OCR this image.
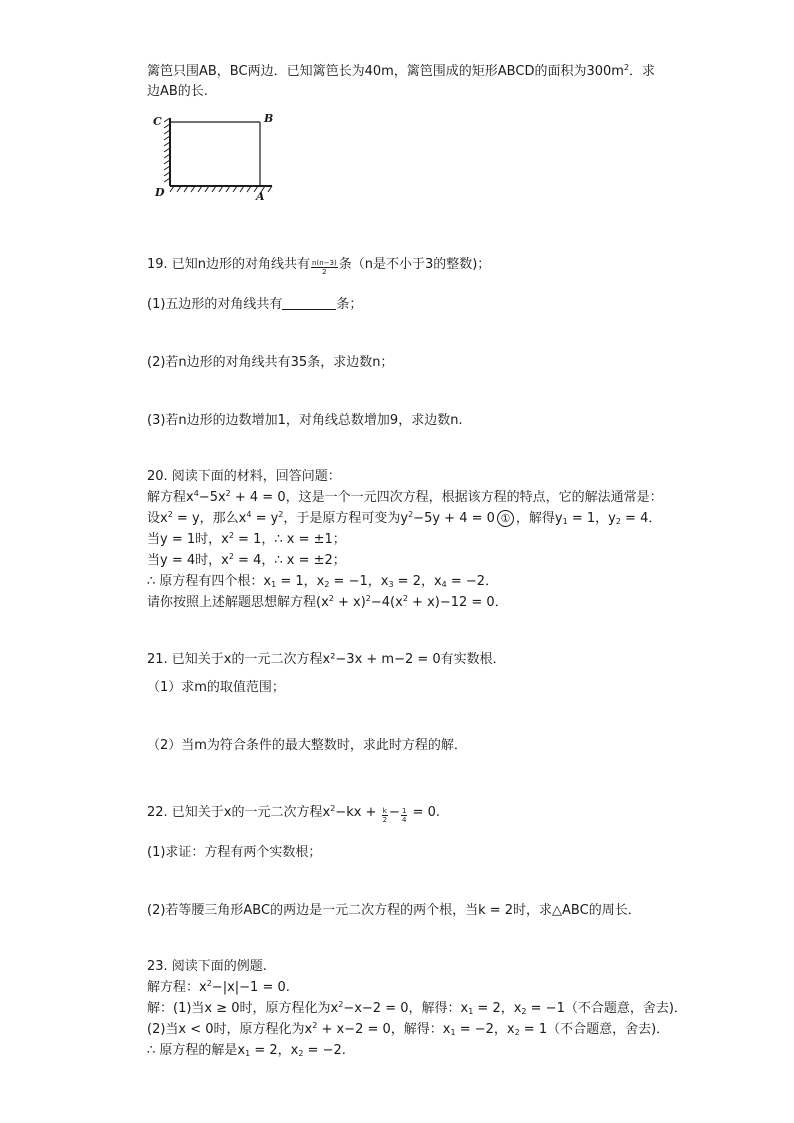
篱笆只围AB，BC两边．已知篱笆长为40m，篱笆围成的矩形ABCD的面积为$300m^2$．求
边AB的长.
C	B
D	A
19. 已知n边形的对角线共有 $\frac{n(n-3)}{2}$ 条（n是不小于3的整数)；
(1)五边形的对角线共有	条；
(2)若n边形的对角线共有35条，求边数n；
(3)若n边形的边数增加1，对角线总数增加9，求边数n.
20. 阅读下面的材料，回答问题：
解方程$x^4-5x^2 + 4 = 0$，这是一个一元四次方程，根据该方程的特点，它的解法通常是：
设$x^2 = y$，那么$x^4 = y^2$，于是原方程可变为$y^2-5y + 4 = 0$ ① ，解得$y_1 = 1$，$y_2 = 4$．
当y = 1时，$x^2 = 1$，∴ x = ±1；
当y = 4时，$x^2 = 4$，∴ x = ±2；
∴ 原方程有四个根：$x_1 = 1$，$x_2 = -1$，$x_3 = 2$，$x_4 = -2$．
请你按照上述解题思想解方程$(x^2 + x)^2-4(x^2 + x)-12 = 0$．
21. 已知关于x的一元二次方程x²−3x + m−2 = 0有实数根．
（1）求m的取值范围；
（2）当m为符合条件的最大整数时，求此时方程的解．
22. 已知关于x的一元二次方程$x^2-kx + \frac{k}{2} - \frac{1}{4} = 0$.
(1)求证：方程有两个实数根；
(2)若等腰三角形ABC的两边是一元二次方程的两个根，当k = 2时，求△ABC的周长．
23. 阅读下面的例题.
解方程：$x^2-|x|-1 = 0$.
解：(1)当x ≥ 0时，原方程化为$x^2-x-2 = 0$，解得：$x_1 = 2$，$x_2 = -1$（不合题意，舍去)．
(2)当x < 0时，原方程化为$x^2 + x-2 = 0$，解得：$x_1 = -2$，$x_2 = 1$（不合题意，舍去)．
∴ 原方程的解是$x_1 = 2$，$x_2 = -2$.
